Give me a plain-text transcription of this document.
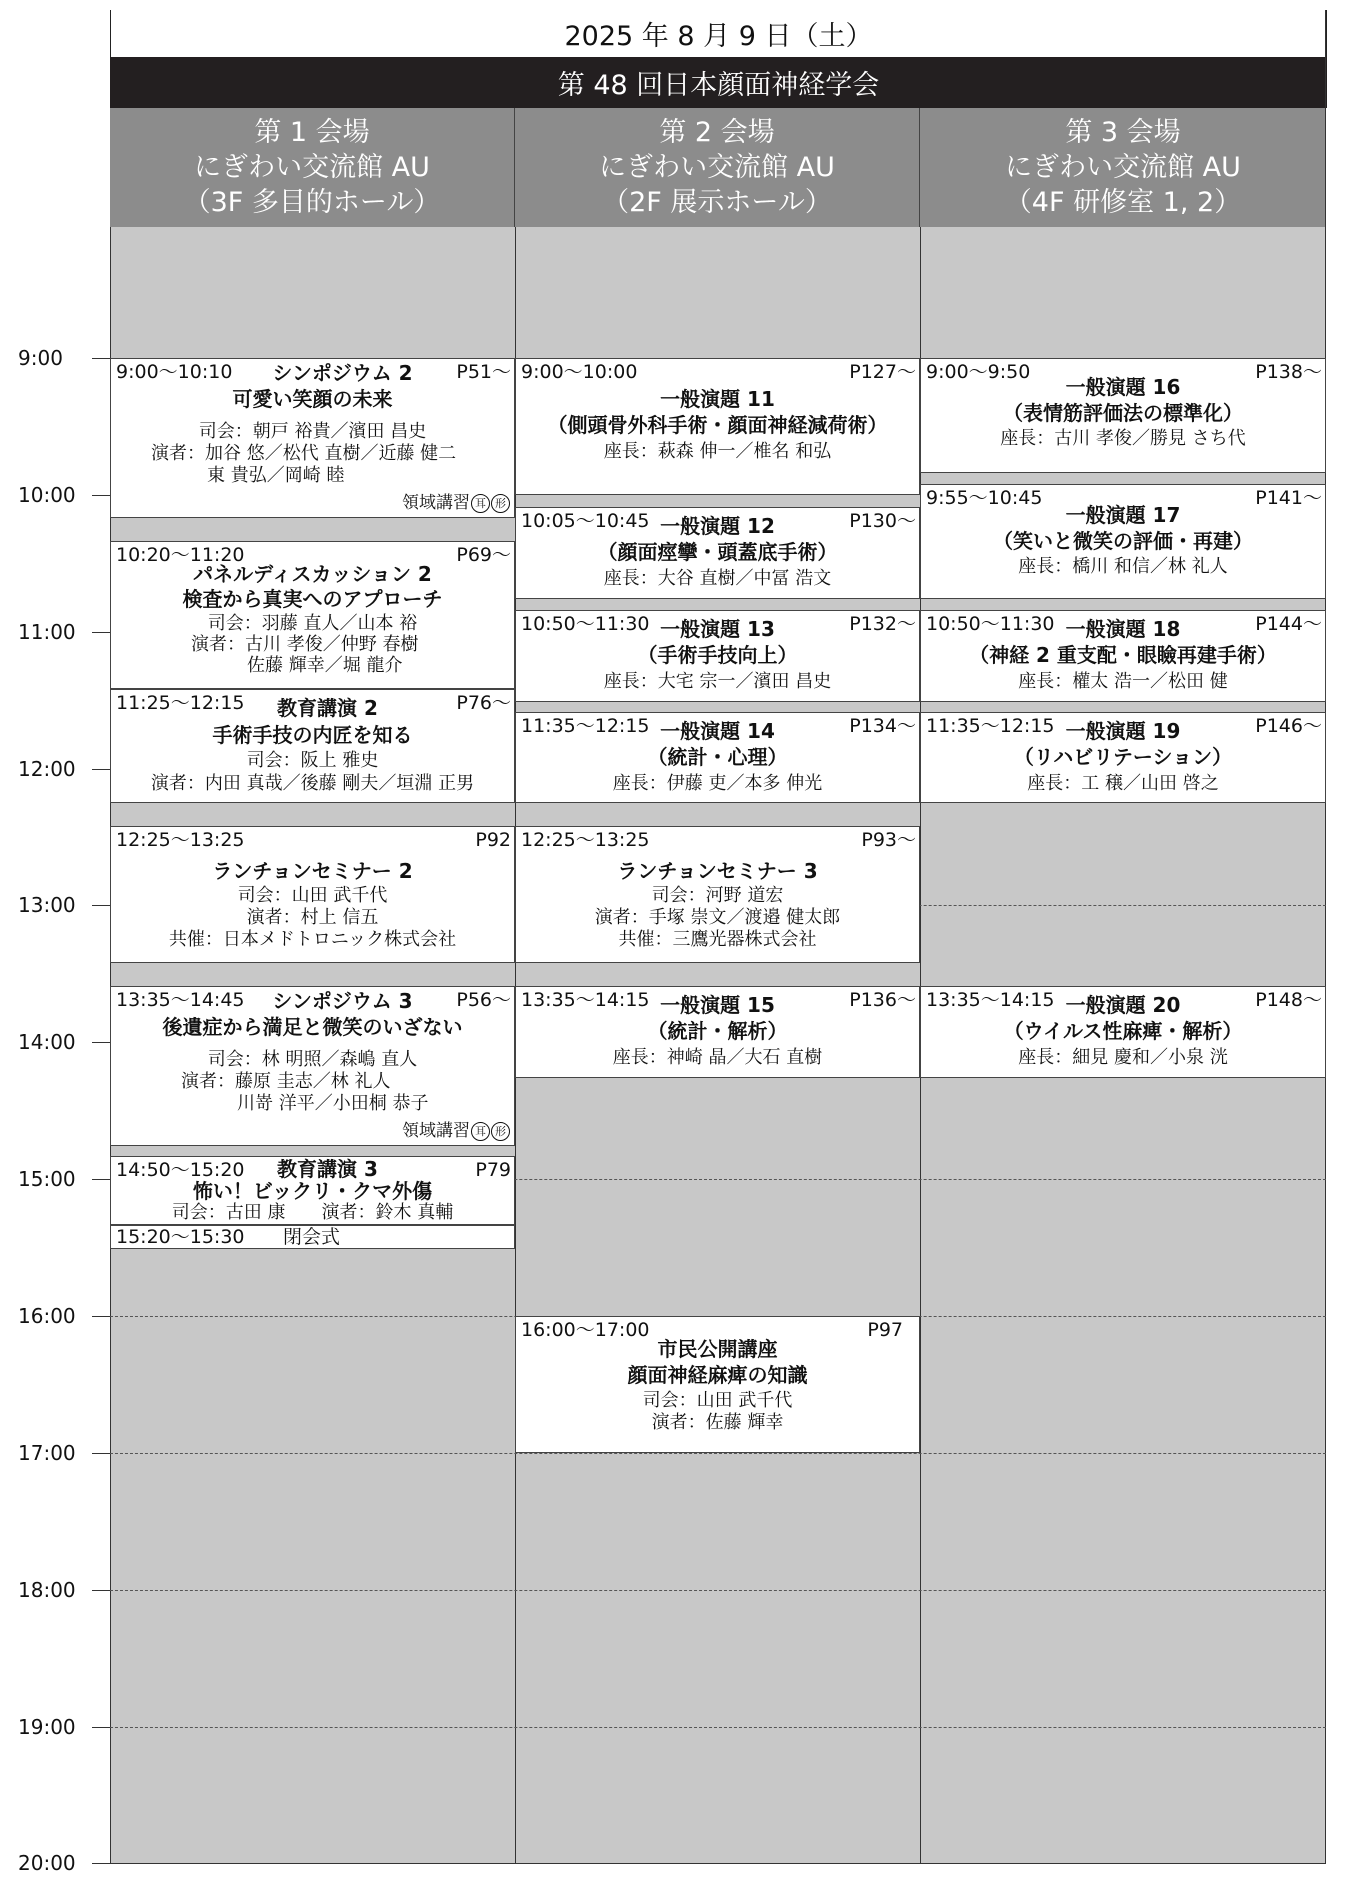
2025 年 8 月 9 日（土）
第 48 回日本顔面神経学会
第 1 会場
にぎわい交流館 AU
（3F 多目的ホール）
第 2 会場
にぎわい交流館 AU
（2F 展示ホール）
第 3 会場
にぎわい交流館 AU
（4F 研修室 1, 2）
9:00
10:00
11:00
12:00
13:00
14:00
15:00
16:00
17:00
18:00
19:00
20:00
9:00〜10:10	P51〜
シンポジウム 2
可愛い笑顔の未来
司会：朝戸 裕貴／濱田 昌史
演者：加谷 悠／松代 直樹／近藤 健二
東 貴弘／岡崎 睦
領域講習 耳 形
10:20〜11:20	P69〜
パネルディスカッション 2
検査から真実へのアプローチ
司会：羽藤 直人／山本 裕
演者：古川 孝俊／仲野 春樹
佐藤 輝幸／堀 龍介
11:25〜12:15	P76〜
教育講演 2
手術手技の内匠を知る
司会：阪上 雅史
演者：内田 真哉／後藤 剛夫／垣淵 正男
12:25〜13:25	P92
ランチョンセミナー 2
司会：山田 武千代
演者：村上 信五
共催：日本メドトロニック株式会社
13:35〜14:45	P56〜
シンポジウム 3
後遺症から満足と微笑のいざない
司会：林 明照／森嶋 直人
演者：藤原 圭志／林 礼人
川嵜 洋平／小田桐 恭子
領域講習 耳 形
14:50〜15:20	P79
教育講演 3
怖い！ビックリ・クマ外傷
司会：古田 康　　演者：鈴木 真輔
15:20〜15:30 閉会式
9:00〜10:00	P127〜
一般演題 11
（側頭骨外科手術・顔面神経減荷術）
座長：萩森 伸一／椎名 和弘
10:05〜10:45	P130〜
一般演題 12
（顔面痙攣・頭蓋底手術）
座長：大谷 直樹／中冨 浩文
10:50〜11:30	P132〜
一般演題 13
（手術手技向上）
座長：大宅 宗一／濱田 昌史
11:35〜12:15	P134〜
一般演題 14
（統計・心理）
座長：伊藤 吏／本多 伸光
12:25〜13:25	P93〜
ランチョンセミナー 3
司会：河野 道宏
演者：手塚 崇文／渡邉 健太郎
共催：三鷹光器株式会社
13:35〜14:15	P136〜
一般演題 15
（統計・解析）
座長：神崎 晶／大石 直樹
16:00〜17:00	P97
市民公開講座
顔面神経麻痺の知識
司会：山田 武千代
演者：佐藤 輝幸
9:00〜9:50	P138〜
一般演題 16
（表情筋評価法の標準化）
座長：古川 孝俊／勝見 さち代
9:55〜10:45	P141〜
一般演題 17
（笑いと微笑の評価・再建）
座長：橋川 和信／林 礼人
10:50〜11:30	P144〜
一般演題 18
（神経 2 重支配・眼瞼再建手術）
座長：權太 浩一／松田 健
11:35〜12:15	P146〜
一般演題 19
（リハビリテーション）
座長：工 穣／山田 啓之
13:35〜14:15	P148〜
一般演題 20
（ウイルス性麻痺・解析）
座長：細見 慶和／小泉 洸
